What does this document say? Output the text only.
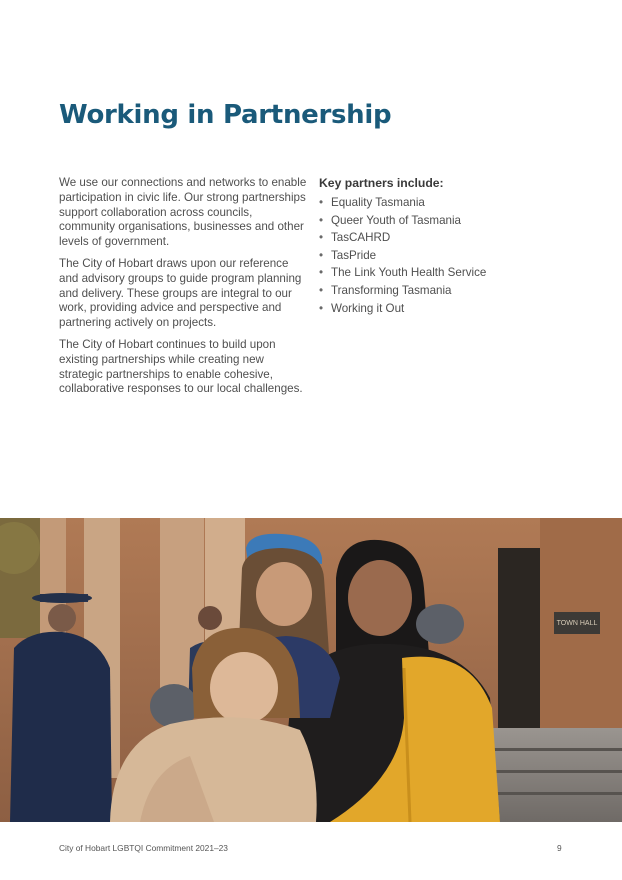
Working in Partnership

We use our connections and networks to enable participation in civic life. Our strong partnerships support collaboration across councils, community organisations, businesses and other levels of government.

The City of Hobart draws upon our reference and advisory groups to guide program planning and delivery. These groups are integral to our work, providing advice and perspective and partnering actively on projects.

The City of Hobart continues to build upon existing partnerships while creating new strategic partnerships to enable cohesive, collaborative responses to our local challenges.

Key partners include:
• Equality Tasmania
• Queer Youth of Tasmania
• TasCAHRD
• TasPride
• The Link Youth Health Service
• Transforming Tasmania
• Working it Out
TOWN HALL
City of Hobart LGBTQI Commitment 2021–23	9
